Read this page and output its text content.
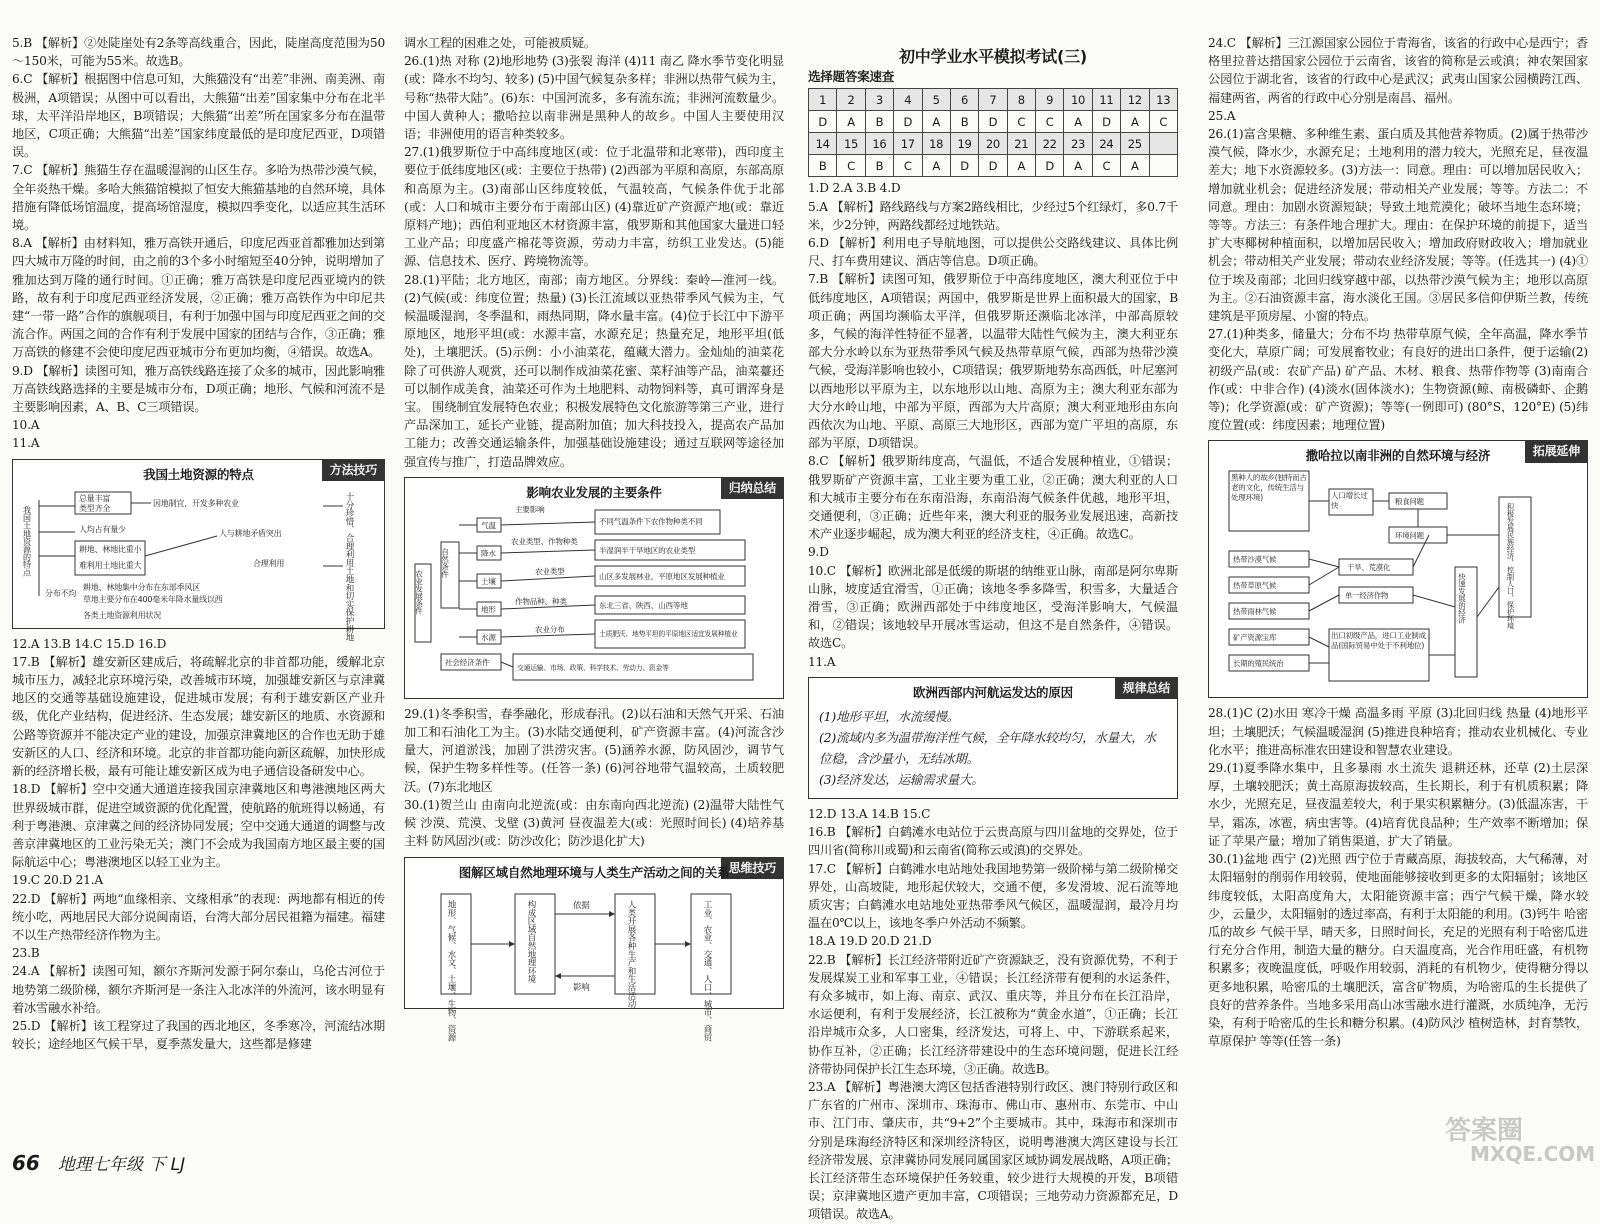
5.B 【解析】②处陡崖处有2条等高线重合，因此，陡崖高度范围为50～150米，可能为55米。故选B。
6.C 【解析】根据图中信息可知，大熊猫没有“出差”非洲、南美洲、南极洲，A项错误；从图中可以看出，大熊猫“出差”国家集中分布在北半球，太平洋沿岸地区，B项错误；大熊猫“出差”所在国家多分布在温带地区，C项正确；大熊猫“出差”国家纬度最低的是印度尼西亚，D项错误。
7.C 【解析】熊猫生存在温暖湿润的山区生存。多哈为热带沙漠气候，全年炎热干燥。多哈大熊猫馆模拟了恒安大熊猫基地的自然环境，具体措施有降低场馆温度，提高场馆湿度，模拟四季变化，以适应其生活环境。
8.A 【解析】由材料知，雅万高铁开通后，印度尼西亚首都雅加达到第四大城市万隆的时间，由之前的3个多小时缩短至40分钟，说明增加了雅加达到万隆的通行时间。①正确；雅万高铁是印度尼西亚境内的铁路，故有利于印度尼西亚经济发展，②正确；雅万高铁作为中印尼共建“一带一路”合作的旗舰项目，有利于加强中国与印度尼西亚之间的交流合作。两国之间的合作有利于发展中国家的团结与合作，③正确；雅万高铁的修建不会使印度尼西亚城市分布更加均衡，④错误。故选A。
9.D 【解析】读图可知，雅万高铁线路连接了众多的城市，因此影响雅万高铁线路选择的主要是城市分布，D项正确；地形、气候和河流不是主要影响因素，A、B、C三项错误。
10.A
11.A
方法技巧
我国土地资源的特点
我国土地资源的特点
总量丰富
类型齐全
人均占有量少
耕地、林地比重小
难利用土地比重大
分布不均
因地制宜，开发多种农业
人与耕地矛盾突出
合理利用
耕地、林地集中分布在东部季风区
草地主要分布在400毫米年降水量线以西
各类土地资源利用状况	十分珍惜、合理利用土地和切实保护耕地
12.A 13.B 14.C 15.D 16.D
17.B 【解析】雄安新区建成后，将疏解北京的非首都功能，缓解北京城市压力，减轻北京环境污染，改善城市环境，加强雄安新区与京津冀地区的交通等基础设施建设，促进城市发展；有利于雄安新区产业升级，优化产业结构，促进经济、生态发展；雄安新区的地质、水资源和公路等资源并不能决定产业的建设，加强京津冀地区的合作也无助于雄安新区的人口、经济和环境。北京的非首都功能向新区疏解，加快形成新的经济增长极，最有可能让雄安新区成为电子通信设备研发中心。
18.D 【解析】空中交通大通道连接我国京津冀地区和粤港澳地区两大世界级城市群，促进空域资源的优化配置，使航路的航班得以畅通，有利于粤港澳、京津冀之间的经济协同发展；空中交通大通道的调整与改善京津冀地区的工业污染无关；澳门不会成为我国南方地区最主要的国际航运中心；粤港澳地区以轻工业为主。
19.C 20.D 21.A
22.D 【解析】两地“血缘相亲、文缘相承”的表现：两地都有相近的传统小吃，两地居民大部分说闽南语，台湾大部分居民祖籍为福建。福建不以生产热带经济作物为主。
23.B
24.A 【解析】读图可知，额尔齐斯河发源于阿尔泰山，乌伦古河位于地势第二级阶梯，额尔齐斯河是一条注入北冰洋的外流河，该水明显有着冰雪融水补给。
25.D 【解析】该工程穿过了我国的西北地区，冬季寒冷，河流结冰期较长；途经地区气候干旱，夏季蒸发量大，这些都是修建
调水工程的困难之处，可能被质疑。
26.(1)热 对称 (2)地形地势 (3)张裂 海洋 (4)11 南乙 降水季节变化明显(或：降水不均匀、较多) (5)中国气候复杂多样；非洲以热带气候为主，号称“热带大陆”。(6)东：中国河流多，多有流东流；非洲河流数量少。中国人黄种人；撒哈拉以南非洲是黑种人的故乡。中国人主要使用汉语；非洲使用的语言种类较多。
27.(1)俄罗斯位于中高纬度地区(或：位于北温带和北寒带)，西印度主要位于低纬度地区(或：主要位于热带) (2)西部为平原和高原，东部高原和高原为主。(3)南部山区纬度较低，气温较高，气候条件优于北部(或：人口和城市主要分布于南部山区) (4)靠近矿产资源产地(或：靠近原料产地)；西伯利亚地区木材资源丰富，俄罗斯和其他国家大量进口轻工业产品；印度盛产棉花等资源，劳动力丰富，纺织工业发达。(5)能源、信息技术、医疗、跨境物流等。
28.(1)平陆；北方地区，南部；南方地区。分界线：秦岭—淮河一线。(2)气候(或：纬度位置；热量) (3)长江流域以亚热带季风气候为主，气候温暖湿润，冬季温和，雨热同期，降水量丰富。(4)位于长江中下游平原地区，地形平坦(或：水源丰富，水源充足；热量充足，地形平坦(低处)，土壤肥沃。(5)示例：小小油菜花，蕴藏大潜力。金灿灿的油菜花除了可供游人观赏，还可以制作成油菜花蜜、菜籽油等产品，油菜薹还可以制作成美食，油菜还可作为土地肥料、动物饲料等，真可谓浑身是宝。 围绕制宜发展特色农业；积极发展特色文化旅游等第三产业，进行产品深加工，延长产业链，提高附加值；加大科技投入，提高农产品加工能力；改善交通运输条件，加强基础设施建设；通过互联网等途径加强宣传与推广，打造品牌效应。
归纳总结
影响农业发展的主要条件
农业发展条件
自然条件
社会经济条件
气温
降水
土壤
地形
水源
主要影响
不同气温条件下农作物种类不同
农业类型、作物种类
半湿润半干旱地区的农业类型
农业类型
山区多发展林业，平原地区发展种植业
作物品种、种类	东北三省、陕西、山西等地
农业分布	土质肥沃、地势平坦的平原地区适宜发展种植业
交通运输、市场、政策、科学技术、劳动力、资金等
29.(1)冬季积雪，春季融化，形成春汛。(2)以石油和天然气开采、石油加工和石油化工为主。(3)水陆交通便利，矿产资源丰富。(4)河流含沙量大，河道淤浅，加剧了洪涝灾害。(5)涵养水源，防风固沙，调节气候，保护生物多样性等。(任答一条) (6)河谷地带气温较高，土质较肥沃。(7)东北地区
30.(1)贺兰山 由南向北逆流(或：由东南向西北逆流) (2)温带大陆性气候 沙漠、荒漠、戈壁 (3)黄河 昼夜温差大(或：光照时间长) (4)培养基主料 防风固沙(或：防沙改化；防沙退化扩大)
思维技巧
图解区域自然地理环境与人类生产活动之间的关系
地形、气候、水文、土壤、生物、资源	构成区域自然地理环境	人类开展各种生产和生活活动	工业、农业、交通、人口、城市、商贸
依据
影响
初中学业水平模拟考试(三)
选择题答案速查
1	2	3	4	5	6	7	8	9	10	11	12	13
D	A	B	D	A	B	D	C	C	A	D	A	C
14	15	16	17	18	19	20	21	22	23	24	25	
B	C	B	C	A	D	D	A	D	A	C	A	
1.D 2.A 3.B 4.D
5.A 【解析】路线路线与方案2路线相比，少经过5个红绿灯，多0.7千米，少2分钟，两路线都经过地铁站。
6.D 【解析】利用电子导航地图，可以提供公交路线建议、具体比例尺、打车费用建议、酒店等信息。D项正确。
7.B 【解析】读图可知，俄罗斯位于中高纬度地区，澳大利亚位于中低纬度地区，A项错误；两国中，俄罗斯是世界上面积最大的国家，B项正确；两国均濒临太平洋，但俄罗斯还濒临北冰洋，中部高原较多，气候的海洋性特征不显著，以温带大陆性气候为主，澳大利亚东部大分水岭以东为亚热带季风气候及热带草原气候，西部为热带沙漠气候，受海洋影响也较小，C项错误；俄罗斯地势东高西低，叶尼塞河以西地形以平原为主，以东地形以山地、高原为主；澳大利亚东部为大分水岭山地，中部为平原，西部为大片高原；澳大利亚地形由东向西依次为山地、平原、高原三大地形区，西部为宽广平坦的高原，东部为平原，D项错误。
8.C 【解析】俄罗斯纬度高，气温低，不适合发展种植业，①错误；俄罗斯矿产资源丰富，工业主要为重工业，②正确；澳大利亚的人口和大城市主要分布在东南沿海，东南沿海气候条件优越，地形平坦，交通便利，③正确；近些年来，澳大利亚的服务业发展迅速，高新技术产业逐步崛起，成为澳大利亚的经济支柱，④正确。故选C。
9.D
10.C 【解析】欧洲北部是低缓的斯堪的纳维亚山脉，南部是阿尔卑斯山脉，坡度适宜滑雪，①正确；该地冬季多降雪，积雪多，大量适合滑雪，③正确；欧洲西部处于中纬度地区，受海洋影响大，气候温和，②错误；该地较早开展冰雪运动，但这不是自然条件，④错误。故选C。
11.A
规律总结
欧洲西部内河航运发达的原因
(1)地形平坦，水流缓慢。
(2)流域内多为温带海洋性气候，全年降水较均匀，水量大，水位稳，含沙量小，无结冰期。
(3)经济发达，运输需求量大。
12.D 13.A 14.B 15.C
16.B 【解析】白鹤滩水电站位于云贵高原与四川盆地的交界处，位于四川省(简称川或蜀)和云南省(简称云或滇)的交界处。
17.C 【解析】白鹤滩水电站地处我国地势第一级阶梯与第二级阶梯交界处，山高坡陡，地形起伏较大，交通不便，多发滑坡、泥石流等地质灾害；白鹤滩水电站地处亚热带季风气候区，温暖湿润，最冷月均温在0℃以上，该地冬季户外活动不频繁。
18.A 19.D 20.D 21.D
22.B 【解析】长江经济带附近矿产资源缺乏，没有资源优势，不利于发展煤炭工业和军事工业，④错误；长江经济带有便利的水运条件，有众多城市，如上海、南京、武汉、重庆等，并且分布在长江沿岸，水运便利，有利于发展经济，长江被称为“黄金水道”，①正确；长江沿岸城市众多，人口密集，经济发达，可将上、中、下游联系起来，协作互补，②正确；长江经济带建设中的生态环境问题，促进长江经济带协同保护长江生态环境，③正确。故选B。
23.A 【解析】粤港澳大湾区包括香港特别行政区、澳门特别行政区和广东省的广州市、深圳市、珠海市、佛山市、惠州市、东莞市、中山市、江门市、肇庆市，共“9+2”个主要城市。其中，珠海市和深圳市分别是珠海经济特区和深圳经济特区，说明粤港澳大湾区建设与长江经济带发展、京津冀协同发展同属国家区域协调发展战略，A项正确；长江经济带生态环境保护任务较重，较少进行大规模的开发，B项错误；京津冀地区遗产更加丰富，C项错误；三地劳动力资源都充足，D项错误。故选A。
24.C 【解析】三江源国家公园位于青海省，该省的行政中心是西宁；香格里拉普达措国家公园位于云南省，该省的简称是云或滇；神农架国家公园位于湖北省，该省的行政中心是武汉；武夷山国家公园横跨江西、福建两省，两省的行政中心分别是南昌、福州。
25.A
26.(1)富含果糖、多种维生素、蛋白质及其他营养物质。(2)属于热带沙漠气候，降水少，水源充足；土地利用的潜力较大，光照充足，昼夜温差大；地下水资源较多。(3)方法一：同意。理由：可以增加居民收入；增加就业机会；促进经济发展；带动相关产业发展；等等。方法二：不同意。理由：加剧水资源短缺；导致土地荒漠化；破坏当地生态环境；等等。方法三：有条件地合理扩大。理由：在保护环境的前提下，适当扩大枣椰树种植面积，以增加居民收入；增加政府财政收入；增加就业机会；带动相关产业发展；带动农业经济发展；等等。(任选其一) (4)①位于埃及南部；北回归线穿越中部，以热带沙漠气候为主；地形以高原为主。②石油资源丰富，海水淡化王国。③居民多信仰伊斯兰教，传统建筑是平顶房屋、小窗的特点。
27.(1)种类多，储量大；分布不均 热带草原气候，全年高温，降水季节变化大，草原广阔；可发展畜牧业；有良好的进出口条件，便于运输(2)初级产品(或：农矿产品) 矿产品、木材、粮食、热带作物等 (3)南南合作(或：中非合作) (4)淡水(固体淡水)；生物资源(鲸、南极磷虾、企鹅等)；化学资源(或：矿产资源)；等等(一例即可) (80°S，120°E) (5)纬度位置(或：纬度因素；地理位置)
拓展延伸
撒哈拉以南非洲的自然环境与经济
黑种人的故乡(独特而古老的文化，传统生活与处理环境)	人口增长过快	粮食问题
环境问题
热带沙漠气候
热带草原气候
热带雨林气候
矿产资源宝库
长期的殖民统治
干旱、荒漠化
单一经济作物
出口初级产品，进口工业制成品(国际贸易中处于不利地位)
快速发展的经济	积极发展民族经济，控制人口，保护环境
28.(1)C (2)水田 寒冷干燥 高温多雨 平原 (3)北回归线 热量 (4)地形平坦；土壤肥沃；气候温暖湿润 (5)推进良种培育；推动农业机械化、专业化水平；推进高标准农田建设和智慧农业建设。
29.(1)夏季降水集中，且多暴雨 水土流失 退耕还林，还草 (2)土层深厚，土壤较肥沃；黄土高原海拔较高，生长期长，利于有机质积累；降水少，光照充足，昼夜温差较大，利于果实积累糖分。(3)低温冻害，干旱，霜冻，冰雹，病虫害等。(4)培育优良品种；生产效率不断增加；保证了苹果产量；增加了销售渠道，扩大了销量。
30.(1)盆地 西宁 (2)光照 西宁位于青藏高原，海拔较高，大气稀薄，对太阳辐射的削弱作用较弱，使地面能够接收到更多的太阳辐射；该地区纬度较低，太阳高度角大，太阳能资源丰富；西宁气候干燥，降水较少，云量少，太阳辐射的透过率高，有利于太阳能的利用。(3)钙牛 哈密瓜的故乡 气候干旱，晴天多，日照时间长，充足的光照有利于哈密瓜进行充分合作用，制造大量的糖分。白天温度高，光合作用旺盛，有机物积累多；夜晚温度低，呼吸作用较弱，消耗的有机物少，使得糖分得以更多地积累，哈密瓜的土壤肥沃，富含矿物质，为哈密瓜的生长提供了良好的营养条件。当地多采用高山冰雪融水进行灌溉，水质纯净，无污染，有利于哈密瓜的生长和糖分积累。(4)防风沙 植树造林，封育禁牧，草原保护 等等(任答一条)
66 地理七年级 下 LJ
答案圈
MXQE.COM
